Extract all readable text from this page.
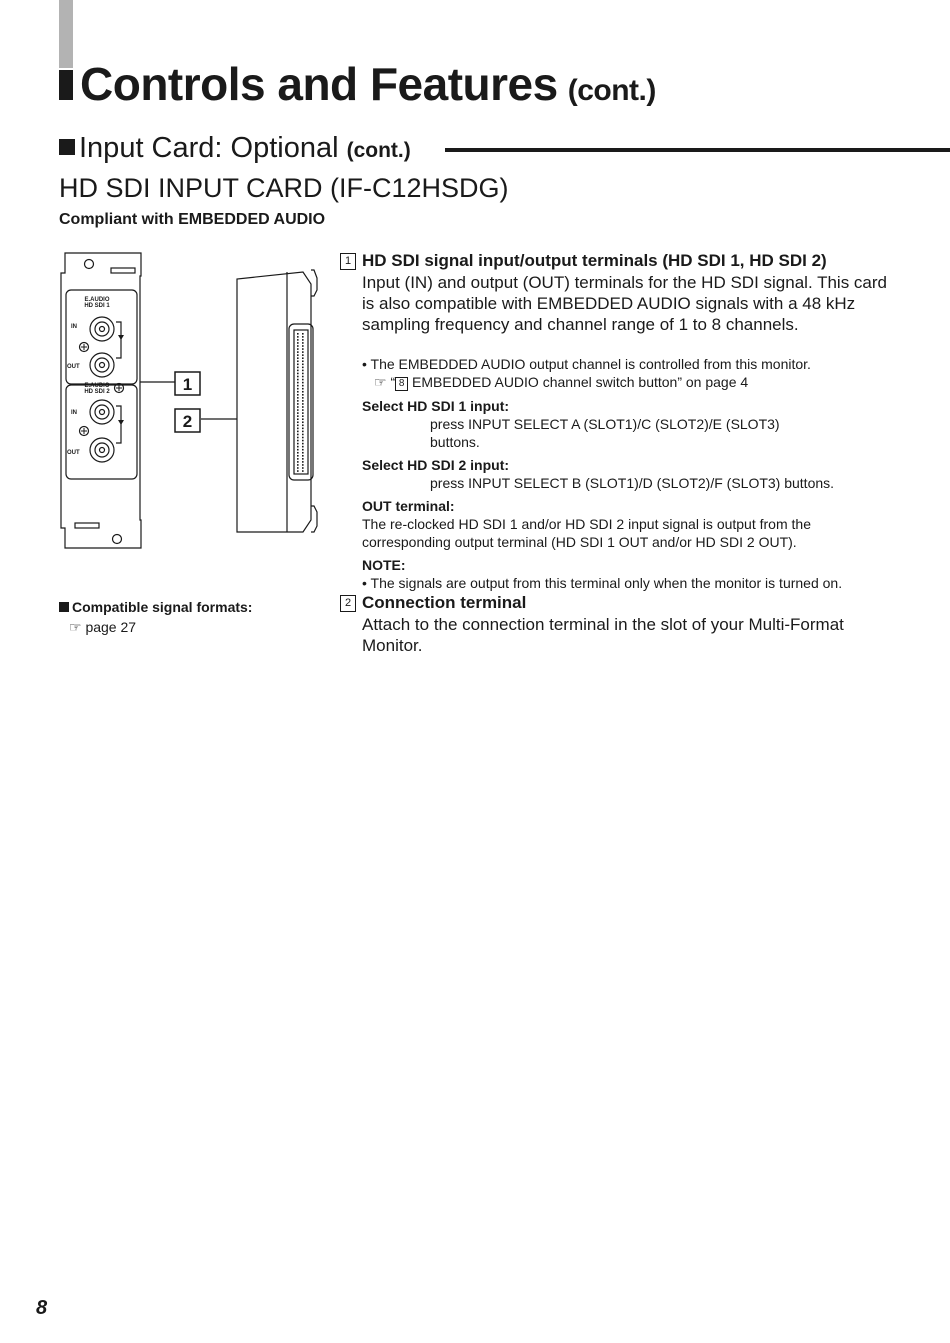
Controls and Features (cont.)
Input Card: Optional (cont.)
HD SDI INPUT CARD (IF-C12HSDG)
Compliant with EMBEDDED AUDIO
E.AUDIO
HD SDI 1
E.AUDIO
HD SDI 2
IN
OUT
IN
OUT
1
2
Compatible signal formats:
☞ page 27
1 HD SDI signal input/output terminals (HD SDI 1, HD SDI 2)
Input (IN) and output (OUT) terminals for the HD SDI signal. This card is also compatible with EMBEDDED AUDIO signals with a 48 kHz sampling frequency and channel range of 1 to 8 channels.
• The EMBEDDED AUDIO output channel is controlled from this monitor.
☞ “ 8 EMBEDDED AUDIO channel switch button” on page 4
Select HD SDI 1 input:
press INPUT SELECT A (SLOT1)/C (SLOT2)/E (SLOT3)
buttons.
Select HD SDI 2 input:
press INPUT SELECT B (SLOT1)/D (SLOT2)/F (SLOT3) buttons.
OUT terminal:
The re-clocked HD SDI 1 and/or HD SDI 2 input signal is output from the
corresponding output terminal (HD SDI 1 OUT and/or HD SDI 2 OUT).
NOTE:
• The signals are output from this terminal only when the monitor is turned on.
2 Connection terminal
Attach to the connection terminal in the slot of your Multi-Format Monitor.
8
